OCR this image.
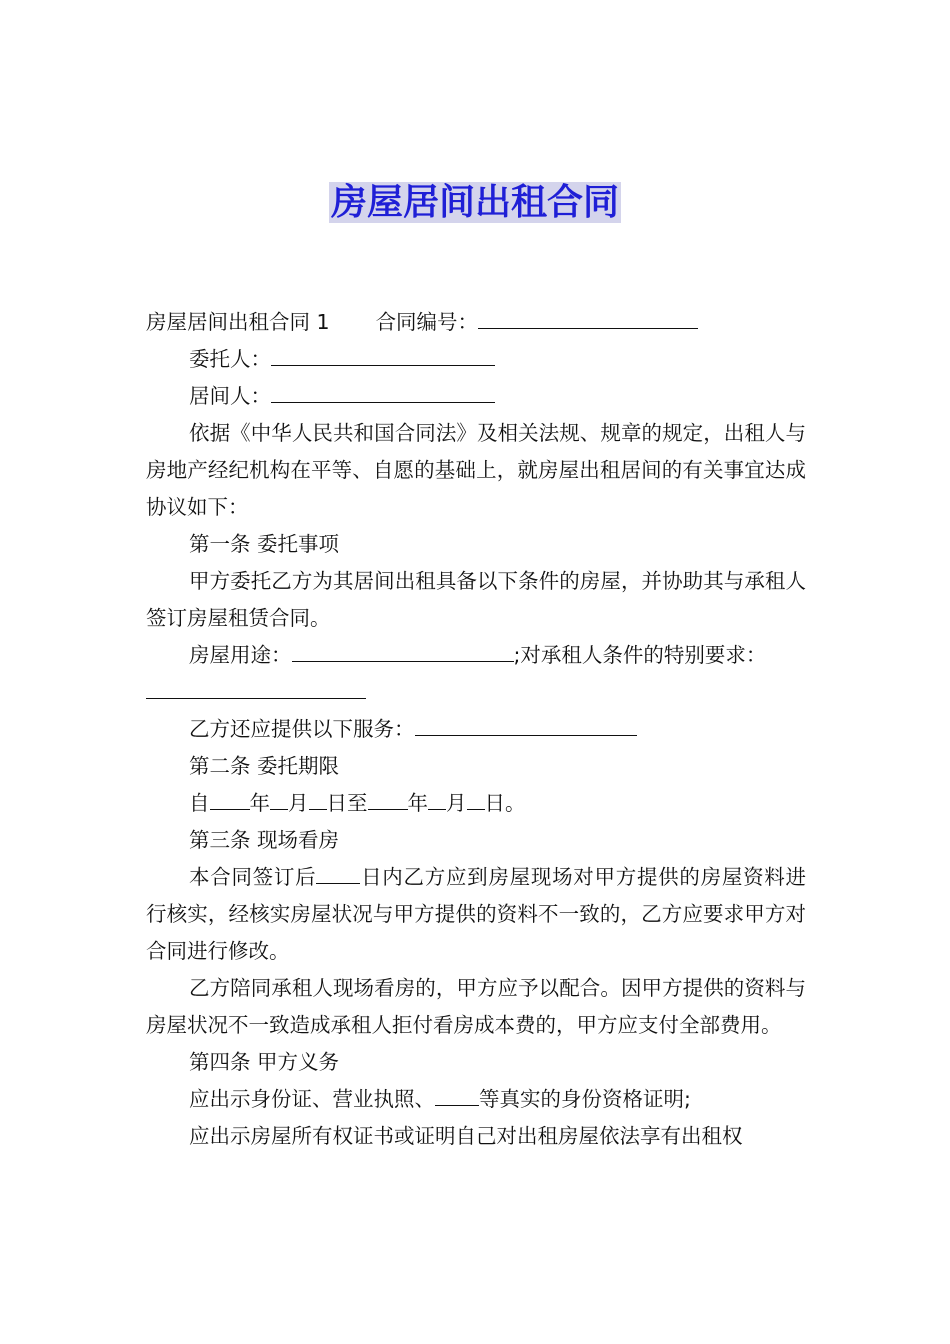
房屋居间出租合同
房屋居间出租合同 1 合同编号：
委托人：
居间人：
依据《中华人民共和国合同法》及相关法规、规章的规定，出租人与房地产经纪机构在平等、自愿的基础上，就房屋出租居间的有关事宜达成协议如下：
第一条 委托事项
甲方委托乙方为其居间出租具备以下条件的房屋，并协助其与承租人签订房屋租赁合同。
房屋用途：	;对承租人条件的特别要求：
乙方还应提供以下服务：
第二条 委托期限
自 年 月 日至 年 月 日。
第三条 现场看房
本合同签订后 日内乙方应到房屋现场对甲方提供的房屋资料进行核实，经核实房屋状况与甲方提供的资料不一致的，乙方应要求甲方对合同进行修改。
乙方陪同承租人现场看房的，甲方应予以配合。因甲方提供的资料与房屋状况不一致造成承租人拒付看房成本费的，甲方应支付全部费用。
第四条 甲方义务
应出示身份证、营业执照、 等真实的身份资格证明;
应出示房屋所有权证书或证明自己对出租房屋依法享有出租权
